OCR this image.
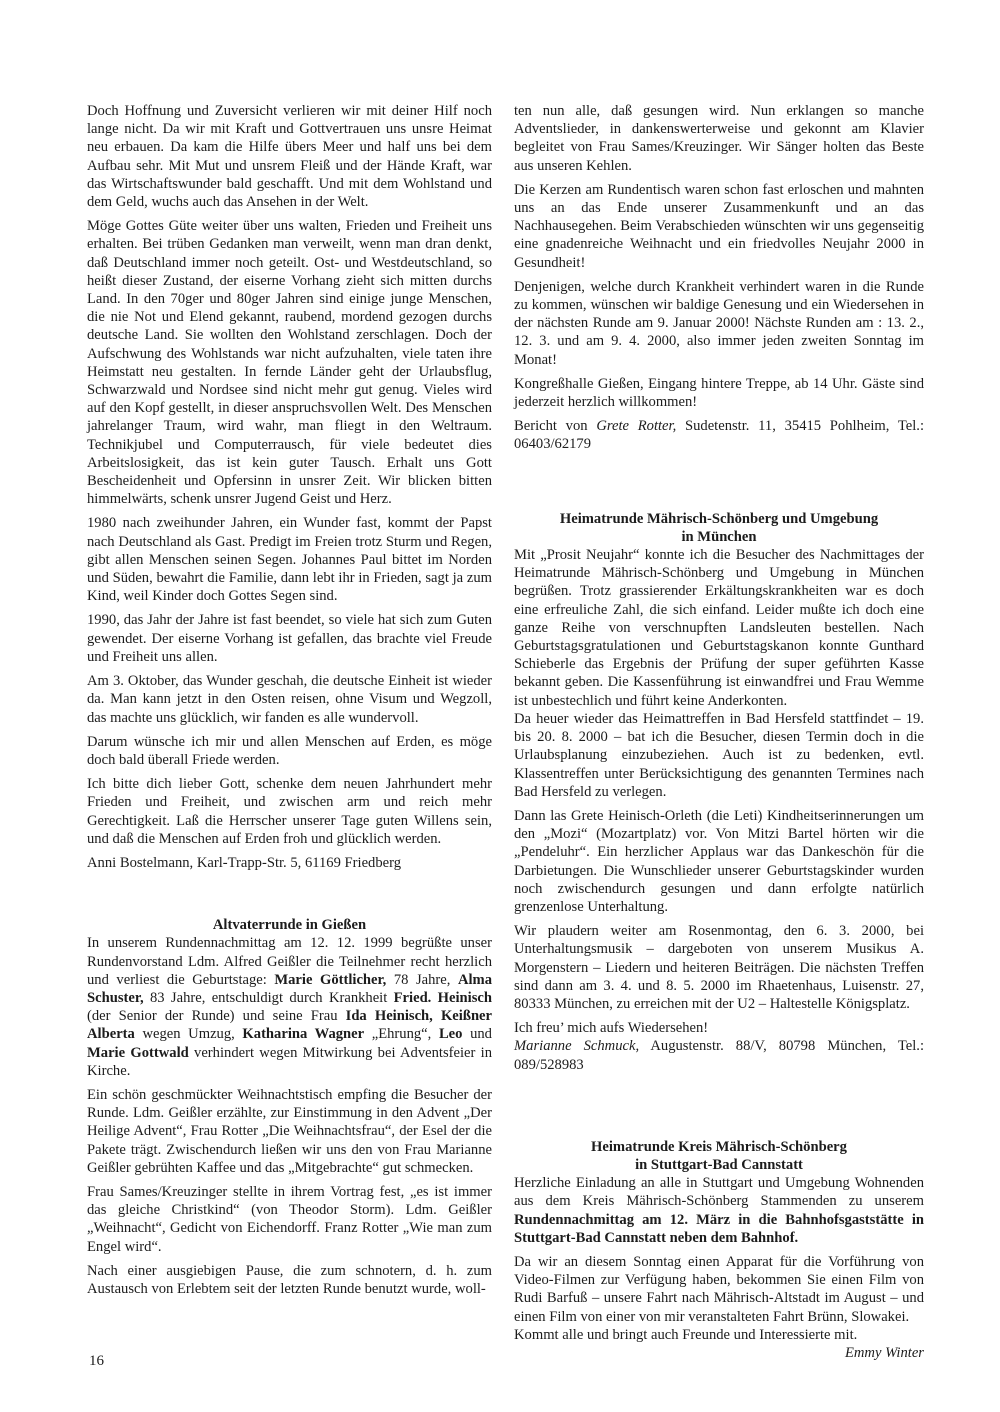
Doch Hoffnung und Zuversicht verlieren wir mit deiner Hilf noch lange nicht. Da wir mit Kraft und Gottvertrauen uns unsre Heimat neu erbauen. Da kam die Hilfe übers Meer und half uns bei dem Aufbau sehr. Mit Mut und unsrem Fleiß und der Hände Kraft, war das Wirtschaftswunder bald geschafft. Und mit dem Wohlstand und dem Geld, wuchs auch das Ansehen in der Welt.

Möge Gottes Güte weiter über uns walten, Frieden und Freiheit uns erhalten. Bei trüben Gedanken man verweilt, wenn man dran denkt, daß Deutschland immer noch geteilt. Ost- und Westdeutschland, so heißt dieser Zustand, der eiserne Vorhang zieht sich mitten durchs Land. In den 70ger und 80ger Jahren sind einige junge Menschen, die nie Not und Elend gekannt, raubend, mordend gezogen durchs deutsche Land. Sie wollten den Wohlstand zerschlagen. Doch der Aufschwung des Wohlstands war nicht aufzuhalten, viele taten ihre Heimstatt neu gestalten. In fernde Länder geht der Urlaubsflug, Schwarzwald und Nordsee sind nicht mehr gut genug. Vieles wird auf den Kopf gestellt, in dieser anspruchsvollen Welt. Des Menschen jahrelanger Traum, wird wahr, man fliegt in den Weltraum. Technikjubel und Computerrausch, für viele bedeutet dies Arbeitslosigkeit, das ist kein guter Tausch. Erhalt uns Gott Bescheidenheit und Opfersinn in unsrer Zeit. Wir blicken bitten himmelwärts, schenk unsrer Jugend Geist und Herz.

1980 nach zweihunder Jahren, ein Wunder fast, kommt der Papst nach Deutschland als Gast. Predigt im Freien trotz Sturm und Regen, gibt allen Menschen seinen Segen. Johannes Paul bittet im Norden und Süden, bewahrt die Familie, dann lebt ihr in Frieden, sagt ja zum Kind, weil Kinder doch Gottes Segen sind.

1990, das Jahr der Jahre ist fast beendet, so viele hat sich zum Guten gewendet. Der eiserne Vorhang ist gefallen, das brachte viel Freude und Freiheit uns allen.

Am 3. Oktober, das Wunder geschah, die deutsche Einheit ist wieder da. Man kann jetzt in den Osten reisen, ohne Visum und Wegzoll, das machte uns glücklich, wir fanden es alle wundervoll.

Darum wünsche ich mir und allen Menschen auf Erden, es möge doch bald überall Friede werden.

Ich bitte dich lieber Gott, schenke dem neuen Jahrhundert mehr Frieden und Freiheit, und zwischen arm und reich mehr Gerechtigkeit. Laß die Herrscher unserer Tage guten Willens sein, und daß die Menschen auf Erden froh und glücklich werden.

Anni Bostelmann, Karl-Trapp-Str. 5, 61169 Friedberg

Altvaterrunde in Gießen

In unserem Rundennachmittag am 12. 12. 1999 begrüßte unser Rundenvorstand Ldm. Alfred Geißler die Teilnehmer recht herzlich und verliest die Geburtstage: Marie Göttlicher, 78 Jahre, Alma Schuster, 83 Jahre, entschuldigt durch Krankheit Fried. Heinisch (der Senior der Runde) und seine Frau Ida Heinisch, Keißner Alberta wegen Umzug, Katharina Wagner „Ehrung“, Leo und Marie Gottwald verhindert wegen Mitwirkung bei Adventsfeier in Kirche.

Ein schön geschmückter Weihnachtstisch empfing die Besucher der Runde. Ldm. Geißler erzählte, zur Einstimmung in den Advent „Der Heilige Advent“, Frau Rotter „Die Weihnachtsfrau“, der Esel der die Pakete trägt. Zwischendurch ließen wir uns den von Frau Marianne Geißler gebrühten Kaffee und das „Mitgebrachte“ gut schmecken.

Frau Sames/Kreuzinger stellte in ihrem Vortrag fest, „es ist immer das gleiche Christkind“ (von Theodor Storm). Ldm. Geißler „Weihnacht“, Gedicht von Eichendorff. Franz Rotter „Wie man zum Engel wird“.

Nach einer ausgiebigen Pause, die zum schnotern, d. h. zum Austausch von Erlebtem seit der letzten Runde benutzt wurde, woll-

ten nun alle, daß gesungen wird. Nun erklangen so manche Adventslieder, in dankenswerterweise und gekonnt am Klavier begleitet von Frau Sames/Kreuzinger. Wir Sänger holten das Beste aus unseren Kehlen.

Die Kerzen am Rundentisch waren schon fast erloschen und mahnten uns an das Ende unserer Zusammenkunft und an das Nachhausegehen. Beim Verabschieden wünschten wir uns gegenseitig eine gnadenreiche Weihnacht und ein friedvolles Neujahr 2000 in Gesundheit!

Denjenigen, welche durch Krankheit verhindert waren in die Runde zu kommen, wünschen wir baldige Genesung und ein Wiedersehen in der nächsten Runde am 9. Januar 2000! Nächste Runden am : 13. 2., 12. 3. und am 9. 4. 2000, also immer jeden zweiten Sonntag im Monat!

Kongreßhalle Gießen, Eingang hintere Treppe, ab 14 Uhr. Gäste sind jederzeit herzlich willkommen!

Bericht von Grete Rotter, Sudetenstr. 11, 35415 Pohlheim, Tel.: 06403/62179

Heimatrunde Mährisch-Schönberg und Umgebung
in München

Mit „Prosit Neujahr“ konnte ich die Besucher des Nachmittages der Heimatrunde Mährisch-Schönberg und Umgebung in München begrüßen. Trotz grassierender Erkältungskrankheiten war es doch eine erfreuliche Zahl, die sich einfand. Leider mußte ich doch eine ganze Reihe von verschnupften Landsleuten bestellen. Nach Geburtstagsgratulationen und Geburtstagskanon konnte Gunthard Schieberle das Ergebnis der Prüfung der super geführten Kasse bekannt geben. Die Kassenführung ist einwandfrei und Frau Wemme ist unbestechlich und führt keine Anderkonten.

Da heuer wieder das Heimattreffen in Bad Hersfeld stattfindet – 19. bis 20. 8. 2000 – bat ich die Besucher, diesen Termin doch in die Urlaubsplanung einzubeziehen. Auch ist zu bedenken, evtl. Klassentreffen unter Berücksichtigung des genannten Termines nach Bad Hersfeld zu verlegen.

Dann las Grete Heinisch-Orleth (die Leti) Kindheitserinnerungen um den „Mozi“ (Mozartplatz) vor. Von Mitzi Bartel hörten wir die „Pendeluhr“. Ein herzlicher Applaus war das Dankeschön für die Darbietungen. Die Wunschlieder unserer Geburtstagskinder wurden noch zwischendurch gesungen und dann erfolgte natürlich grenzenlose Unterhaltung.

Wir plaudern weiter am Rosenmontag, den 6. 3. 2000, bei Unterhaltungsmusik – dargeboten von unserem Musikus A. Morgenstern – Liedern und heiteren Beiträgen. Die nächsten Treffen sind dann am 3. 4. und 8. 5. 2000 im Rhaetenhaus, Luisenstr. 27, 80333 München, zu erreichen mit der U2 – Haltestelle Königsplatz.

Ich freu’ mich aufs Wiedersehen!

Marianne Schmuck, Augustenstr. 88/V, 80798 München, Tel.: 089/528983

Heimatrunde Kreis Mährisch-Schönberg
in Stuttgart-Bad Cannstatt

Herzliche Einladung an alle in Stuttgart und Umgebung Wohnenden aus dem Kreis Mährisch-Schönberg Stammenden zu unserem Rundennachmittag am 12. März in die Bahnhofsgaststätte in Stuttgart-Bad Cannstatt neben dem Bahnhof.

Da wir an diesem Sonntag einen Apparat für die Vorführung von Video-Filmen zur Verfügung haben, bekommen Sie einen Film von Rudi Barfuß – unsere Fahrt nach Mährisch-Altstadt im August – und einen Film von einer von mir veranstalteten Fahrt Brünn, Slowakei.

Kommt alle und bringt auch Freunde und Interessierte mit.

Emmy Winter

16
